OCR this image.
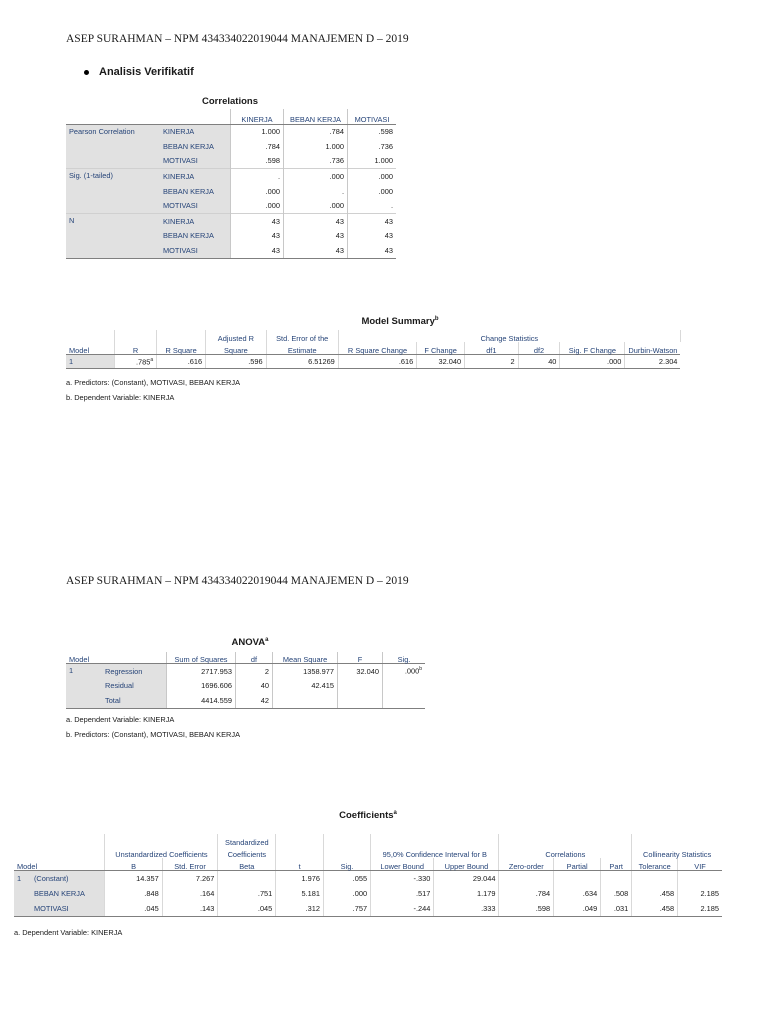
ASEP SURAHMAN – NPM 434334022019044 MANAJEMEN D – 2019
Analisis Verifikatif
Correlations
		KINERJA	BEBAN KERJA	MOTIVASI
Pearson Correlation	KINERJA	1.000	.784	.598
	BEBAN KERJA	.784	1.000	.736
	MOTIVASI	.598	.736	1.000
Sig. (1-tailed)	KINERJA	.	.000	.000
	BEBAN KERJA	.000	.	.000
	MOTIVASI	.000	.000	.
N	KINERJA	43	43	43
	BEBAN KERJA	43	43	43
	MOTIVASI	43	43	43
Model Summary$^b$
			Adjusted R	Std. Error of the	Change Statistics						
Model	R	R Square	Square	Estimate	R Square Change	F Change	df1	df2	Sig. F Change	Durbin-Watson	
1	.785$^a$	.616	.596	6.51269	.616	32.040	2	40	.000	2.304	
a. Predictors: (Constant), MOTIVASI, BEBAN KERJA
b. Dependent Variable: KINERJA
ASEP SURAHMAN – NPM 434334022019044 MANAJEMEN D – 2019
ANOVA$^a$
Model		Sum of Squares	df	Mean Square	F	Sig.
1	Regression	2717.953	2	1358.977	32.040	.000$^b$
	Residual	1696.606	40	42.415		
	Total	4414.559	42			
a. Dependent Variable: KINERJA
b. Predictors: (Constant), MOTIVASI, BEBAN KERJA
Coefficients$^a$
				Standardized									
		Unstandardized Coefficients		Coefficients			95,0% Confidence Interval for B		Correlations			Collinearity Statistics	
Model		B	Std. Error	Beta	t	Sig.	Lower Bound	Upper Bound	Zero-order	Partial	Part	Tolerance	VIF
1	(Constant)	14.357	7.267		1.976	.055	-.330	29.044					
	BEBAN KERJA	.848	.164	.751	5.181	.000	.517	1.179	.784	.634	.508	.458	2.185
	MOTIVASI	.045	.143	.045	.312	.757	-.244	.333	.598	.049	.031	.458	2.185
a. Dependent Variable: KINERJA
